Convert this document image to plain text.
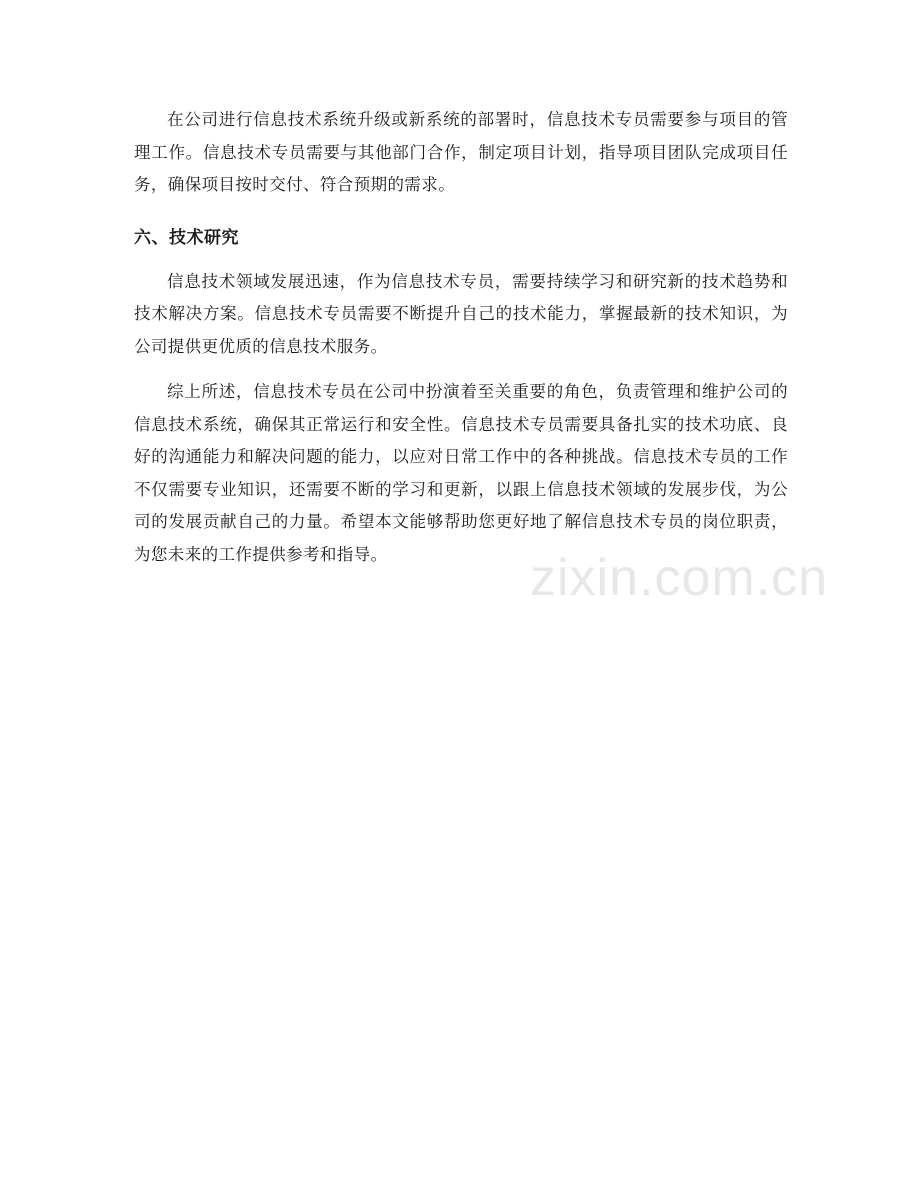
在公司进行信息技术系统升级或新系统的部署时，信息技术专员需要参与项目的管理工作。信息技术专员需要与其他部门合作，制定项目计划，指导项目团队完成项目任务，确保项目按时交付、符合预期的需求。

六、技术研究

信息技术领域发展迅速，作为信息技术专员，需要持续学习和研究新的技术趋势和技术解决方案。信息技术专员需要不断提升自己的技术能力，掌握最新的技术知识，为公司提供更优质的信息技术服务。

综上所述，信息技术专员在公司中扮演着至关重要的角色，负责管理和维护公司的信息技术系统，确保其正常运行和安全性。信息技术专员需要具备扎实的技术功底、良好的沟通能力和解决问题的能力，以应对日常工作中的各种挑战。信息技术专员的工作不仅需要专业知识，还需要不断的学习和更新，以跟上信息技术领域的发展步伐，为公司的发展贡献自己的力量。希望本文能够帮助您更好地了解信息技术专员的岗位职责，为您未来的工作提供参考和指导。	zixin.com.cn
